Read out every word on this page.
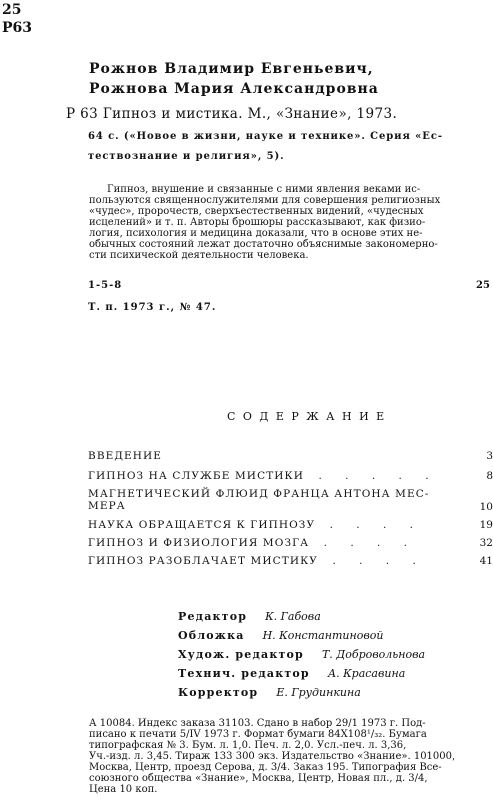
25
Р63
Рожнов Владимир Евгеньевич,
Рожнова Мария Александровна
Р 63 Гипноз и мистика. М., «Знание», 1973.
64 с. («Новое в жизни, науке и технике». Серия «Ес-
тествознание и религия», 5).
Гипноз, внушение и связанные с ними явления веками ис-
пользуются священнослужителями для совершения религиозных
«чудес», пророчеств, сверхъестественных видений, «чудесных
исцелений» и т. п. Авторы брошюры рассказывают, как физио-
логия, психология и медицина доказали, что в основе этих не-
обычных состояний лежат достаточно объяснимые закономерно-
сти психической деятельности человека.
1-5-8	25
Т. п. 1973 г., № 47.
СОДЕРЖАНИЕ
ВВЕДЕНИЕ	3
ГИПНОЗ НА СЛУЖБЕ МИСТИКИ . . . . .	8
МАГНЕТИЧЕСКИЙ ФЛЮИД ФРАНЦА АНТОНА МЕС-
МЕРА	10
НАУКА ОБРАЩАЕТСЯ К ГИПНОЗУ . . . .	19
ГИПНОЗ И ФИЗИОЛОГИЯ МОЗГА . . . .	32
ГИПНОЗ РАЗОБЛАЧАЕТ МИСТИКУ . . . .	41
Редактор К. Габова
Обложка Н. Константиновой
Худож. редактор Т. Добровольнова
Технич. редактор А. Красавина
Корректор Е. Грудинкина
А 10084. Индекс заказа 31103. Сдано в набор 29/1 1973 г. Под-
писано к печати 5/IV 1973 г. Формат бумаги 84X108¹/₃₂. Бумага
типографская № 3. Бум. л. 1,0. Печ. л. 2,0. Усл.-печ. л. 3,36,
Уч.-изд. л. 3,45. Тираж 133 300 экз. Издательство «Знание». 101000,
Москва, Центр, проезд Серова, д. 3/4. Заказ 195. Типография Все-
союзного общества «Знание», Москва, Центр, Новая пл., д. 3/4,
Цена 10 коп.
